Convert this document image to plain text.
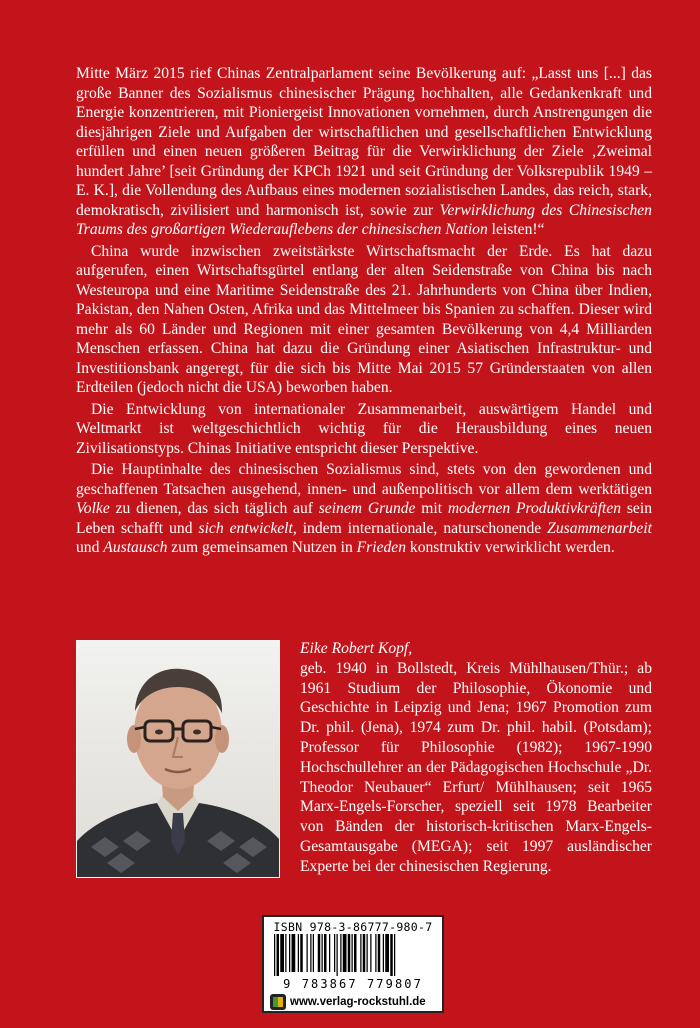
Mitte März 2015 rief Chinas Zentralparlament seine Bevölkerung auf: „Lasst uns [...] das große Banner des Sozialismus chinesischer Prägung hochhalten, alle Gedankenkraft und Energie konzentrieren, mit Pioniergeist Innovationen vornehmen, durch Anstrengungen die diesjährigen Ziele und Aufgaben der wirtschaftlichen und gesellschaftlichen Entwicklung erfüllen und einen neuen größeren Beitrag für die Verwirklichung der Ziele ‚Zweimal hundert Jahre’ [seit Gründung der KPCh 1921 und seit Gründung der Volksrepublik 1949 – E. K.], die Vollendung des Aufbaus eines modernen sozialistischen Landes, das reich, stark, demokratisch, zivilisiert und harmonisch ist, sowie zur Verwirklichung des Chinesischen Traums des großartigen Wiederauflebens der chinesischen Nation leisten!“

China wurde inzwischen zweitstärkste Wirtschaftsmacht der Erde. Es hat dazu aufgerufen, einen Wirtschaftsgürtel entlang der alten Seidenstraße von China bis nach Westeuropa und eine Maritime Seidenstraße des 21. Jahrhunderts von China über Indien, Pakistan, den Nahen Osten, Afrika und das Mittelmeer bis Spanien zu schaffen. Dieser wird mehr als 60 Länder und Regionen mit einer gesamten Bevölkerung von 4,4 Milliarden Menschen erfassen. China hat dazu die Gründung einer Asiatischen Infrastruktur- und Investitionsbank angeregt, für die sich bis Mitte Mai 2015 57 Gründerstaaten von allen Erdteilen (jedoch nicht die USA) beworben haben.

Die Entwicklung von internationaler Zusammenarbeit, auswärtigem Handel und Weltmarkt ist weltgeschichtlich wichtig für die Herausbildung eines neuen Zivilisationstyps. Chinas Initiative entspricht dieser Perspektive.

Die Hauptinhalte des chinesischen Sozialismus sind, stets von den gewordenen und geschaffenen Tatsachen ausgehend, innen- und außenpolitisch vor allem dem werktätigen Volke zu dienen, das sich täglich auf seinem Grunde mit modernen Produktivkräften sein Leben schafft und sich entwickelt, indem internationale, naturschonende Zusammenarbeit und Austausch zum gemeinsamen Nutzen in Frieden konstruktiv verwirklicht werden.

Eike Robert Kopf,
geb. 1940 in Bollstedt, Kreis Mühlhausen/Thür.; ab 1961 Studium der Philosophie, Ökonomie und Geschichte in Leipzig und Jena; 1967 Promotion zum Dr. phil. (Jena), 1974 zum Dr. phil. habil. (Potsdam); Professor für Philosophie (1982); 1967-1990 Hochschullehrer an der Pädagogischen Hochschule „Dr. Theodor Neubauer“ Erfurt/ Mühlhausen; seit 1965 Marx-Engels-Forscher, speziell seit 1978 Bearbeiter von Bänden der historisch-kritischen Marx-Engels-Gesamtausgabe (MEGA); seit 1997 ausländischer Experte bei der chinesischen Regierung.
ISBN 978-3-86777-980-7
9 783867 779807
www.verlag-rockstuhl.de
